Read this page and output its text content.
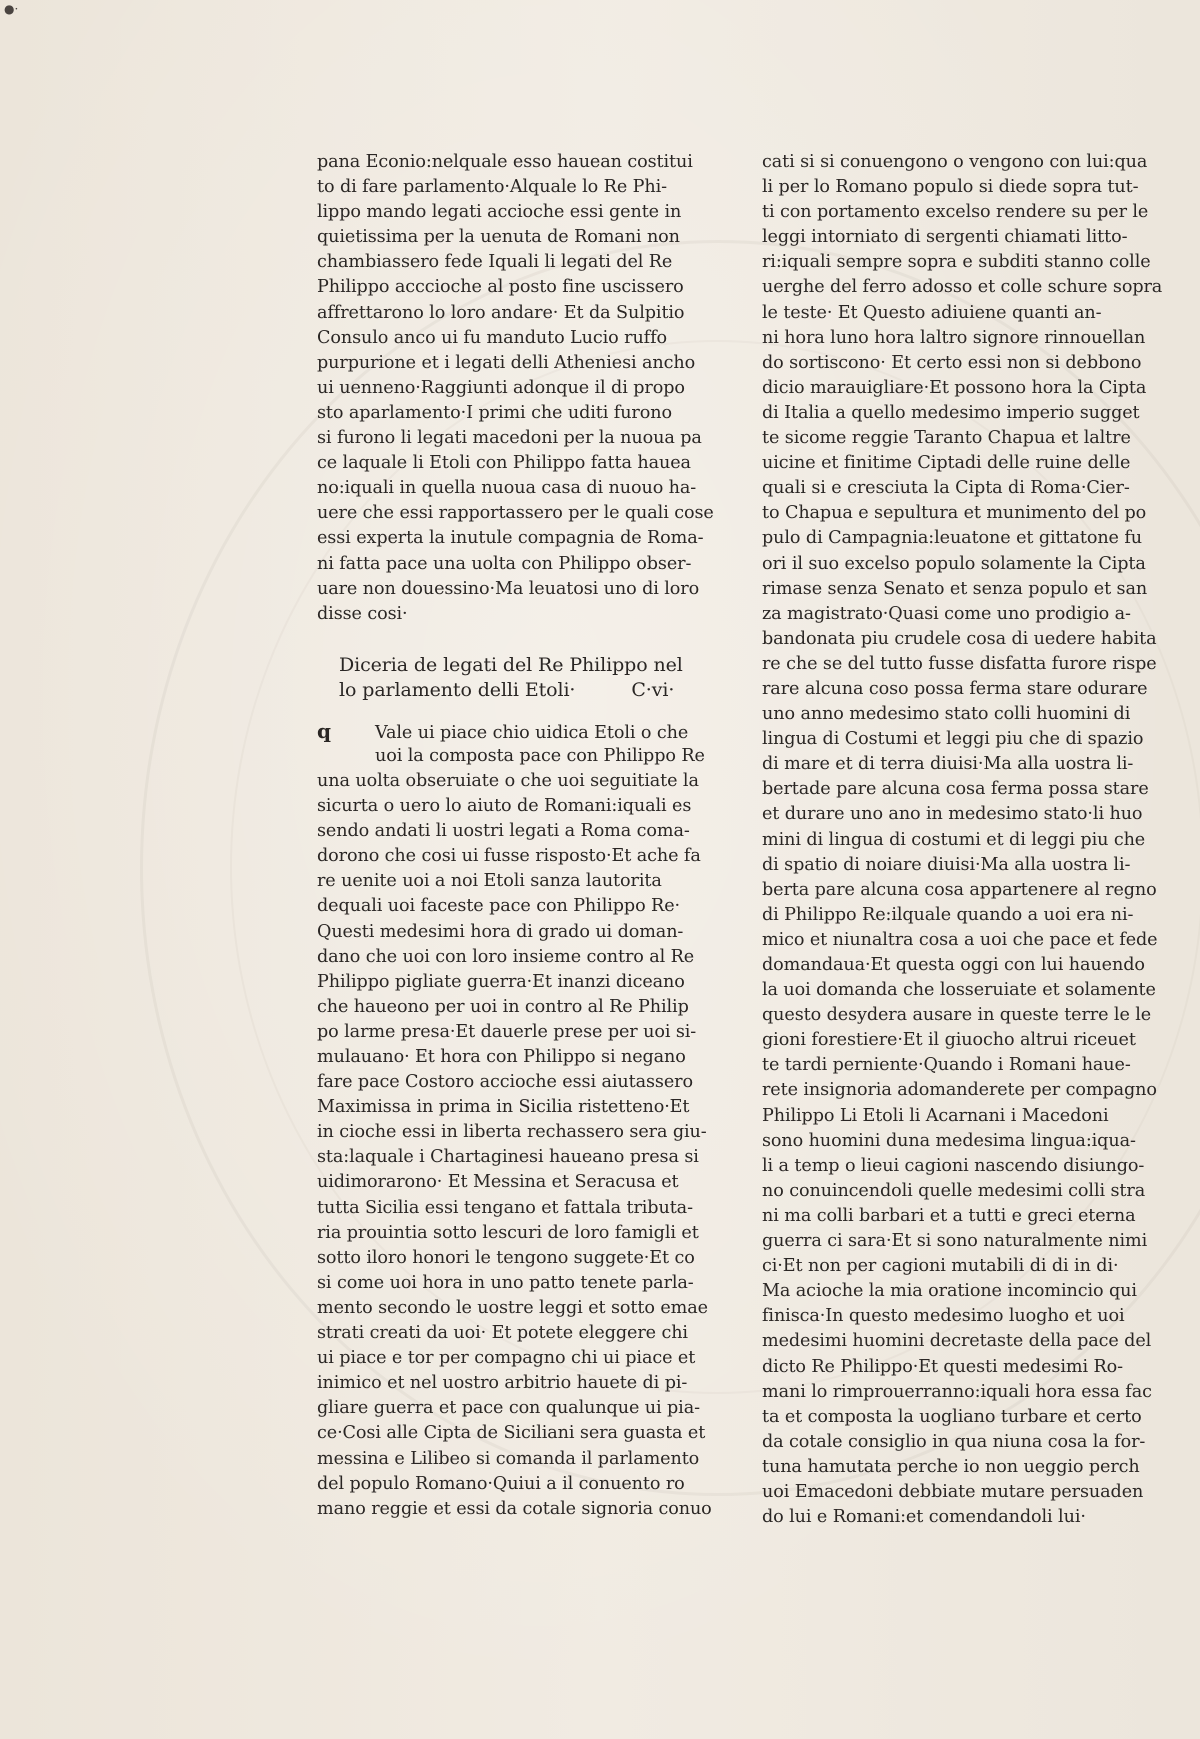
●·
pana Econio:nelquale esso hauean costitui
to di fare parlamento·Alquale lo Re Phi-
lippo mando legati accioche essi gente in
quietissima per la uenuta de Romani non
chambiassero fede Iquali li legati del Re
Philippo acccioche al posto fine uscissero
affrettarono lo loro andare· Et da Sulpitio
Consulo anco ui fu manduto Lucio ruffo
purpurione et i legati delli Atheniesi ancho
ui uenneno·Raggiunti adonque il di propo
sto aparlamento·I primi che uditi furono
si furono li legati macedoni per la nuoua pa
ce laquale li Etoli con Philippo fatta hauea
no:iquali in quella nuoua casa di nuouo ha-
uere che essi rapportassero per le quali cose
essi experta la inutule compagnia de Roma-
ni fatta pace una uolta con Philippo obser-
uare non douessino·Ma leuatosi uno di loro
disse cosi·
Diceria de legati del Re Philippo nel
lo parlamento delli Etoli·	C·vi·
q	Vale ui piace chio uidica Etoli o che
uoi la composta pace con Philippo Re
una uolta obseruiate o che uoi seguitiate la
sicurta o uero lo aiuto de Romani:iquali es
sendo andati li uostri legati a Roma coma-
dorono che cosi ui fusse risposto·Et ache fa
re uenite uoi a noi Etoli sanza lautorita
dequali uoi faceste pace con Philippo Re·
Questi medesimi hora di grado ui doman-
dano che uoi con loro insieme contro al Re
Philippo pigliate guerra·Et inanzi diceano
che haueono per uoi in contro al Re Philip
po larme presa·Et dauerle prese per uoi si-
mulauano· Et hora con Philippo si negano
fare pace Costoro accioche essi aiutassero
Maximissa in prima in Sicilia ristetteno·Et
in cioche essi in liberta rechassero sera giu-
sta:laquale i Chartaginesi haueano presa si
uidimorarono· Et Messina et Seracusa et
tutta Sicilia essi tengano et fattala tributa-
ria prouintia sotto lescuri de loro famigli et
sotto iloro honori le tengono suggete·Et co
si come uoi hora in uno patto tenete parla-
mento secondo le uostre leggi et sotto emae
strati creati da uoi· Et potete eleggere chi
ui piace e tor per compagno chi ui piace et
inimico et nel uostro arbitrio hauete di pi-
gliare guerra et pace con qualunque ui pia-
ce·Cosi alle Cipta de Siciliani sera guasta et
messina e Lilibeo si comanda il parlamento
del populo Romano·Quiui a il conuento ro
mano reggie et essi da cotale signoria conuo
cati si si conuengono o vengono con lui:qua
li per lo Romano populo si diede sopra tut-
ti con portamento excelso rendere su per le
leggi intorniato di sergenti chiamati litto-
ri:iquali sempre sopra e subditi stanno colle
uerghe del ferro adosso et colle schure sopra
le teste· Et Questo adiuiene quanti an-
ni hora luno hora laltro signore rinnouellan
do sortiscono· Et certo essi non si debbono
dicio marauigliare·Et possono hora la Cipta
di Italia a quello medesimo imperio sugget
te sicome reggie Taranto Chapua et laltre
uicine et finitime Ciptadi delle ruine delle
quali si e cresciuta la Cipta di Roma·Cier-
to Chapua e sepultura et munimento del po
pulo di Campagnia:leuatone et gittatone fu
ori il suo excelso populo solamente la Cipta
rimase senza Senato et senza populo et san
za magistrato·Quasi come uno prodigio a-
bandonata piu crudele cosa di uedere habita
re che se del tutto fusse disfatta furore rispe
rare alcuna coso possa ferma stare odurare
uno anno medesimo stato colli huomini di
lingua di Costumi et leggi piu che di spazio
di mare et di terra diuisi·Ma alla uostra li-
bertade pare alcuna cosa ferma possa stare
et durare uno ano in medesimo stato·li huo
mini di lingua di costumi et di leggi piu che
di spatio di noiare diuisi·Ma alla uostra li-
berta pare alcuna cosa appartenere al regno
di Philippo Re:ilquale quando a uoi era ni-
mico et niunaltra cosa a uoi che pace et fede
domandaua·Et questa oggi con lui hauendo
la uoi domanda che losseruiate et solamente
questo desydera ausare in queste terre le le
gioni forestiere·Et il giuocho altrui riceuet
te tardi perniente·Quando i Romani haue-
rete insignoria adomanderete per compagno
Philippo Li Etoli li Acarnani i Macedoni
sono huomini duna medesima lingua:iqua-
li a temp o lieui cagioni nascendo disiungo-
no conuincendoli quelle medesimi colli stra
ni ma colli barbari et a tutti e greci eterna
guerra ci sara·Et si sono naturalmente nimi
ci·Et non per cagioni mutabili di di in di·
Ma acioche la mia oratione incomincio qui
finisca·In questo medesimo luogho et uoi
medesimi huomini decretaste della pace del
dicto Re Philippo·Et questi medesimi Ro-
mani lo rimprouerranno:iquali hora essa fac
ta et composta la uogliano turbare et certo
da cotale consiglio in qua niuna cosa la for-
tuna hamutata perche io non ueggio perch
uoi Emacedoni debbiate mutare persuaden
do lui e Romani:et comendandoli lui·
